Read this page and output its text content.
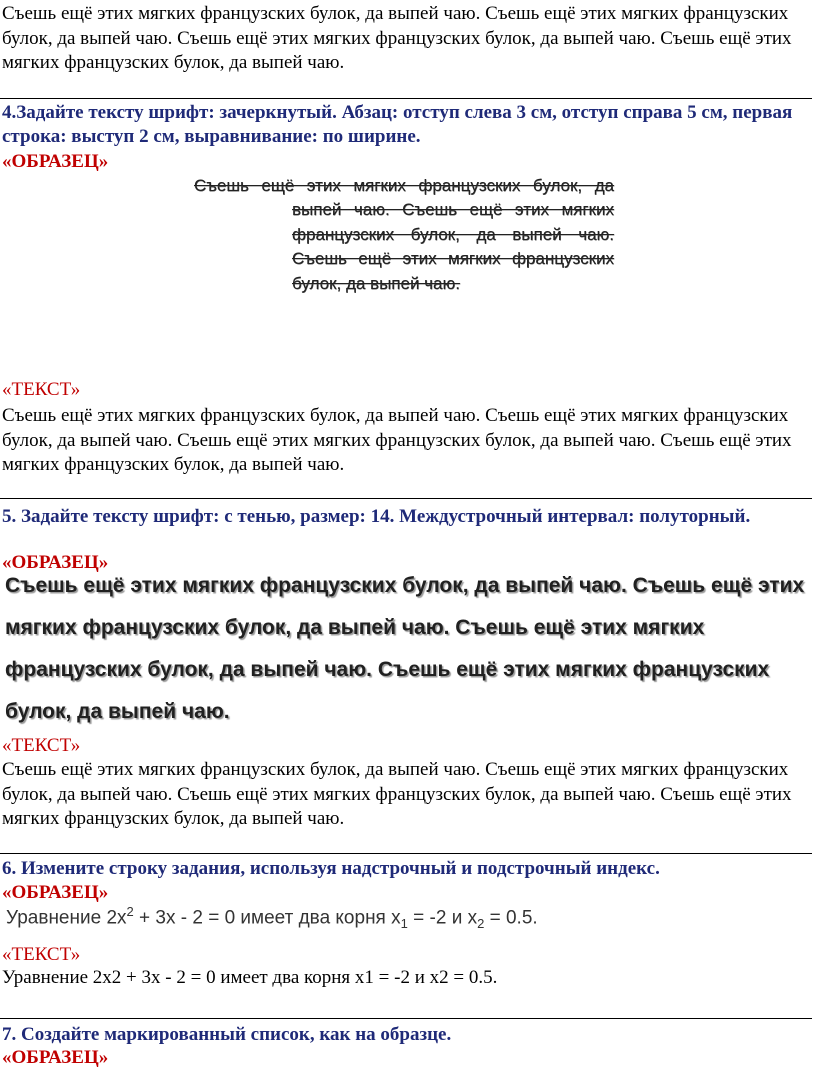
Съешь ещё этих мягких французских булок, да выпей чаю. Съешь ещё этих мягких французских булок, да выпей чаю. Съешь ещё этих мягких французских булок, да выпей чаю. Съешь ещё этих мягких французских булок, да выпей чаю.

4.Задайте тексту шрифт: зачеркнутый. Абзац: отступ слева 3 см, отступ справа 5 см, первая строка: выступ 2 см, выравнивание: по ширине.

«ОБРАЗЕЦ»

Съешь ещё этих мягких французских булок, да выпей чаю. Съешь ещё этих мягких французских булок, да выпей чаю. Съешь ещё этих мягких французских булок, да выпей чаю.

«ТЕКСТ»

Съешь ещё этих мягких французских булок, да выпей чаю. Съешь ещё этих мягких французских булок, да выпей чаю. Съешь ещё этих мягких французских булок, да выпей чаю. Съешь ещё этих мягких французских булок, да выпей чаю.

5. Задайте тексту шрифт: с тенью, размер: 14. Междустрочный интервал: полуторный.

«ОБРАЗЕЦ»

Съешь ещё этих мягких французских булок, да выпей чаю. Съешь ещё этих
мягких французских булок, да выпей чаю. Съешь ещё этих мягких
французских булок, да выпей чаю. Съешь ещё этих мягких французских
булок, да выпей чаю.

«ТЕКСТ»

Съешь ещё этих мягких французских булок, да выпей чаю. Съешь ещё этих мягких французских булок, да выпей чаю. Съешь ещё этих мягких французских булок, да выпей чаю. Съешь ещё этих мягких французских булок, да выпей чаю.

6. Измените строку задания, используя надстрочный и подстрочный индекс.

«ОБРАЗЕЦ»

Уравнение $2x^2 + 3x - 2 = 0$ имеет два корня $x_1 = -2$ и $x_2 = 0.5$.

«ТЕКСТ»

Уравнение 2х2 + 3х - 2 = 0 имеет два корня х1 = -2 и х2 = 0.5.

7. Создайте маркированный список, как на образце.

«ОБРАЗЕЦ»
